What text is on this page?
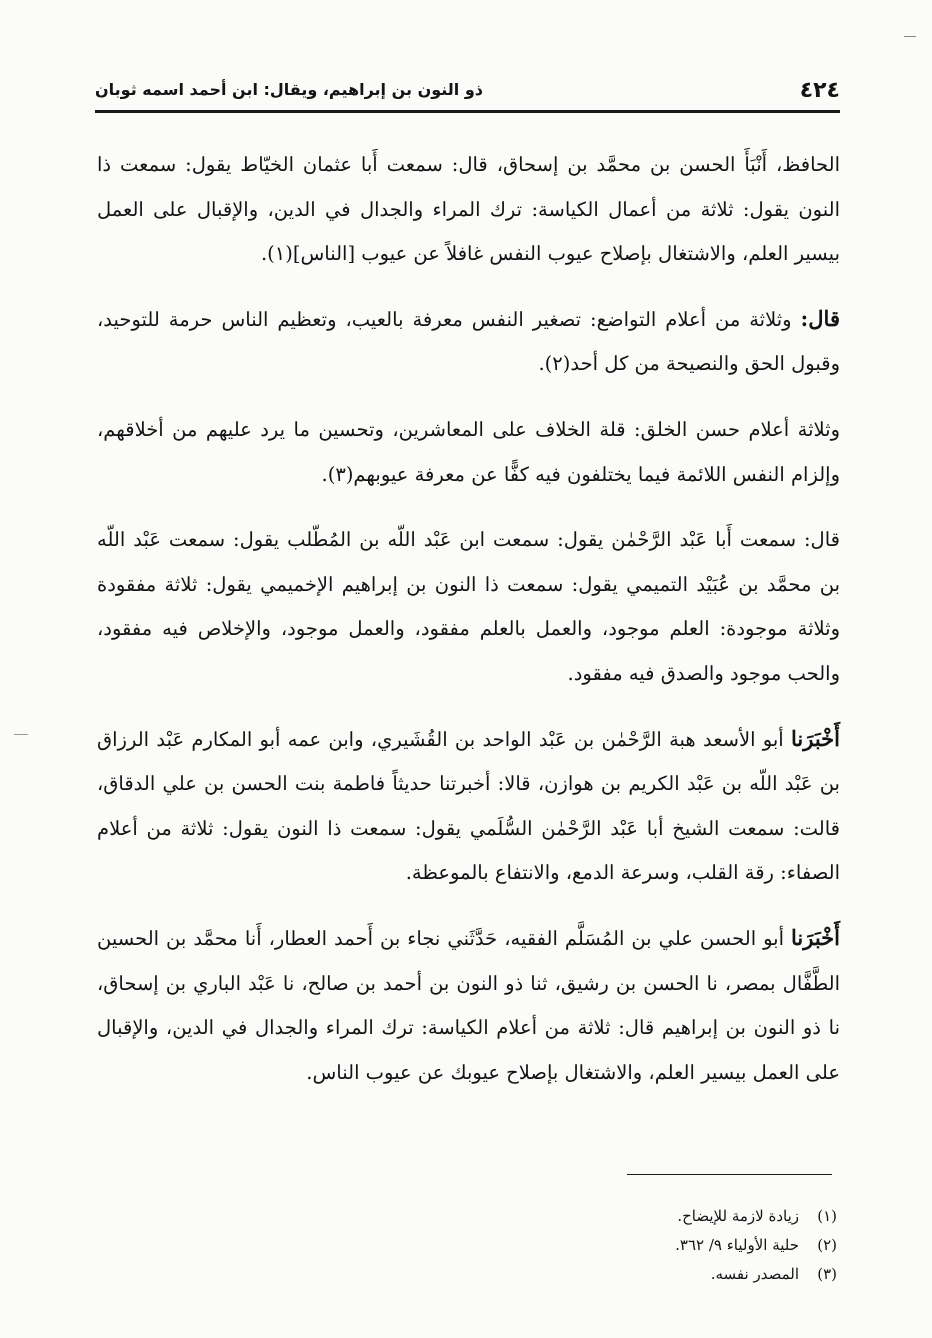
٤٢٤
ذو النون بن إبراهيم، ويقال: ابن أحمد اسمه ثوبان

الحافظ، أَنْبَأَ الحسن بن محمَّد بن إسحاق، قال: سمعت أَبا عثمان الخيّاط يقول: سمعت ذا النون يقول: ثلاثة من أعمال الكياسة: ترك المراء والجدال في الدين، والإقبال على العمل بيسير العلم، والاشتغال بإصلاح عيوب النفس غافلاً عن عيوب [الناس](١).

قال: وثلاثة من أعلام التواضع: تصغير النفس معرفة بالعيب، وتعظيم الناس حرمة للتوحيد، وقبول الحق والنصيحة من كل أحد(٢).

وثلاثة أعلام حسن الخلق: قلة الخلاف على المعاشرين، وتحسين ما يرد عليهم من أخلاقهم، وإلزام النفس اللائمة فيما يختلفون فيه كفًّا عن معرفة عيوبهم(٣).

قال: سمعت أَبا عَبْد الرَّحْمٰن يقول: سمعت ابن عَبْد اللّه بن المُطّلب يقول: سمعت عَبْد اللّه بن محمَّد بن عُبَيْد التميمي يقول: سمعت ذا النون بن إبراهيم الإخميمي يقول: ثلاثة مفقودة وثلاثة موجودة: العلم موجود، والعمل بالعلم مفقود، والعمل موجود، والإخلاص فيه مفقود، والحب موجود والصدق فيه مفقود.

أَخْبَرَنا أبو الأسعد هبة الرَّحْمٰن بن عَبْد الواحد بن القُشَيري، وابن عمه أبو المكارم عَبْد الرزاق بن عَبْد اللّه بن عَبْد الكريم بن هوازن، قالا: أخبرتنا حديثاً فاطمة بنت الحسن بن علي الدقاق، قالت: سمعت الشيخ أبا عَبْد الرَّحْمٰن السُّلَمي يقول: سمعت ذا النون يقول: ثلاثة من أعلام الصفاء: رقة القلب، وسرعة الدمع، والانتفاع بالموعظة.

أَخْبَرَنا أبو الحسن علي بن المُسَلَّم الفقيه، حَدَّثَني نجاء بن أَحمد العطار، أَنا محمَّد بن الحسين الطَّفَّال بمصر، نا الحسن بن رشيق، ثنا ذو النون بن أحمد بن صالح، نا عَبْد الباري بن إسحاق، نا ذو النون بن إبراهيم قال: ثلاثة من أعلام الكياسة: ترك المراء والجدال في الدين، والإقبال على العمل بيسير العلم، والاشتغال بإصلاح عيوبك عن عيوب الناس.

(١)زيادة لازمة للإيضاح.
(٢)حلية الأولياء ٩/ ٣٦٢.
(٣)المصدر نفسه.
